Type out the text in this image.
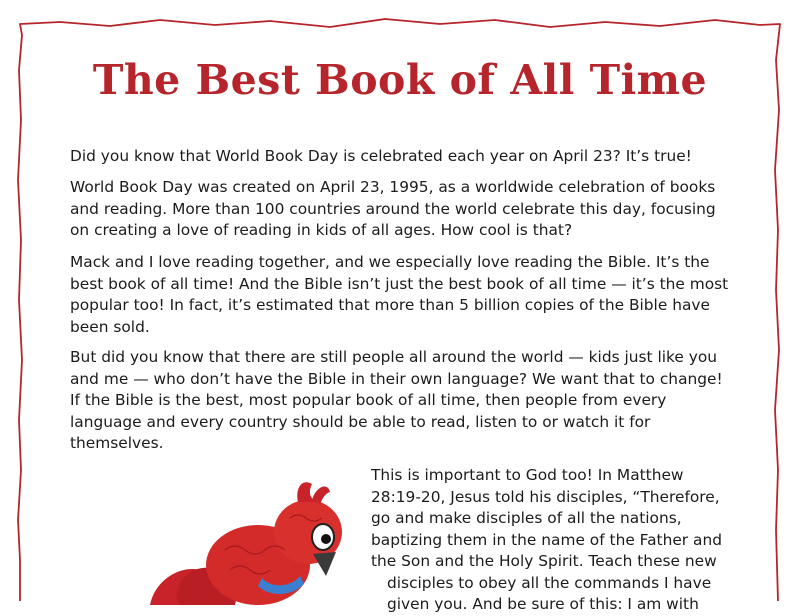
The Best Book of All Time

Did you know that World Book Day is celebrated each year on April 23? It’s true!

World Book Day was created on April 23, 1995, as a worldwide celebration of books and reading. More than 100 countries around the world celebrate this day, focusing on creating a love of reading in kids of all ages. How cool is that?

Mack and I love reading together, and we especially love reading the Bible. It’s the best book of all time! And the Bible isn’t just the best book of all time — it’s the most popular too! In fact, it’s estimated that more than 5 billion copies of the Bible have been sold.

But did you know that there are still people all around the world — kids just like you and me — who don’t have the Bible in their own language? We want that to change! If the Bible is the best, most popular book of all time, then people from every language and every country should be able to read, listen to or watch it for themselves.

This is important to God too! In Matthew 28:19-20, Jesus told his disciples, “Therefore, go and make disciples of all the nations, baptizing them in the name of the Father and the Son and the Holy Spirit. Teach these new
disciples to obey all the commands I have given you. And be sure of this: I am with
